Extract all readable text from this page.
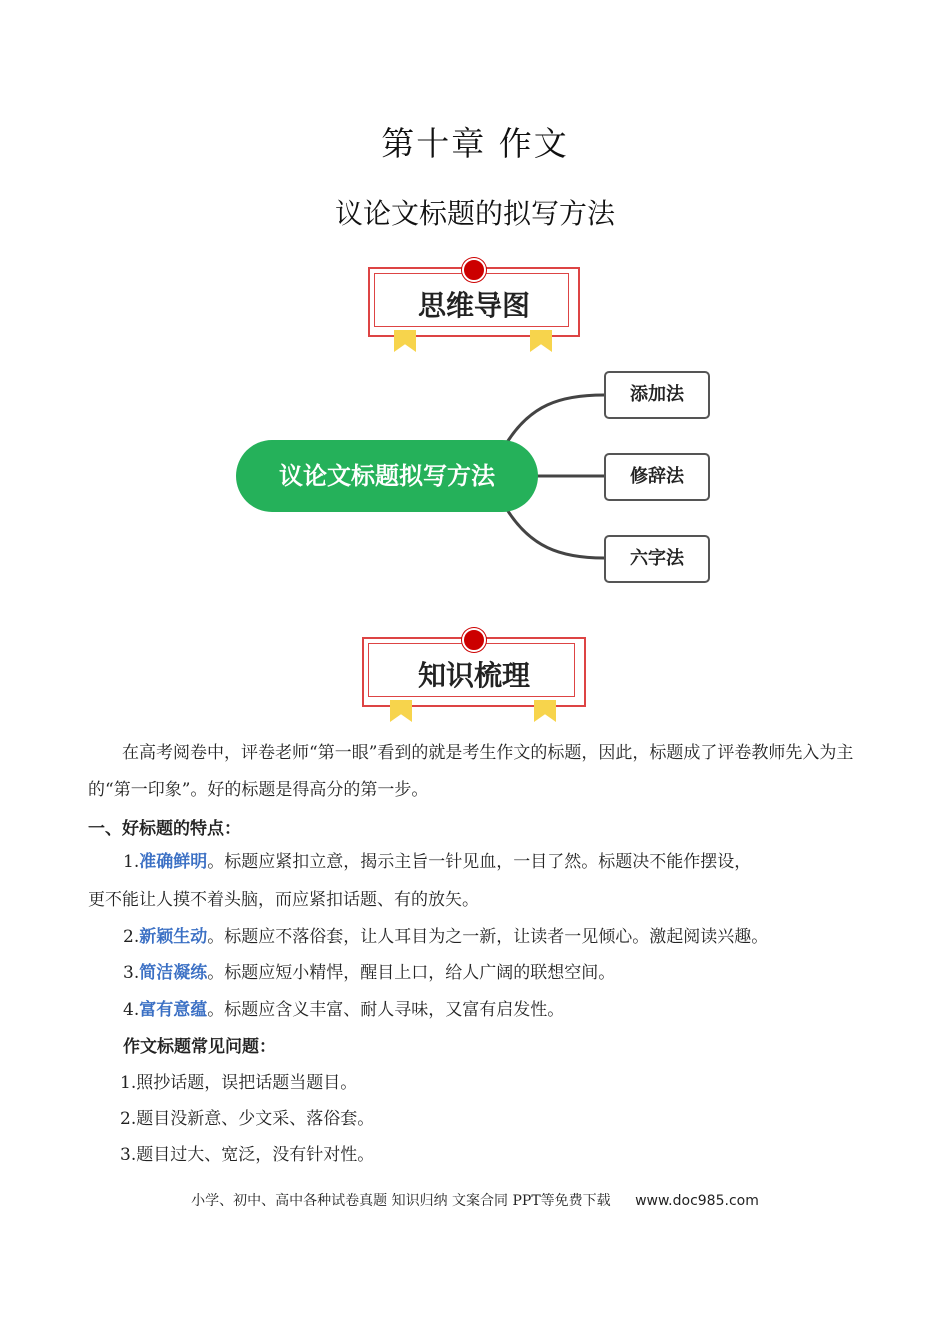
第十章 作文
议论文标题的拟写方法
思维导图
议论文标题拟写方法
添加法
修辞法
六字法
知识梳理
在高考阅卷中，评卷老师“第一眼”看到的就是考生作文的标题，因此，标题成了评卷教师先入为主的“第一印象”。好的标题是得高分的第一步。
一、好标题的特点：
1.准确鲜明。标题应紧扣立意，揭示主旨一针见血，一目了然。标题决不能作摆设，
更不能让人摸不着头脑，而应紧扣话题、有的放矢。
2.新颖生动。标题应不落俗套，让人耳目为之一新，让读者一见倾心。激起阅读兴趣。
3.简洁凝练。标题应短小精悍，醒目上口，给人广阔的联想空间。
4.富有意蕴。标题应含义丰富、耐人寻味，又富有启发性。
作文标题常见问题：
1.照抄话题，误把话题当题目。
2.题目没新意、少文采、落俗套。
3.题目过大、宽泛，没有针对性。
小学、初中、高中各种试卷真题 知识归纳 文案合同 PPT等免费下载 www.doc985.com
